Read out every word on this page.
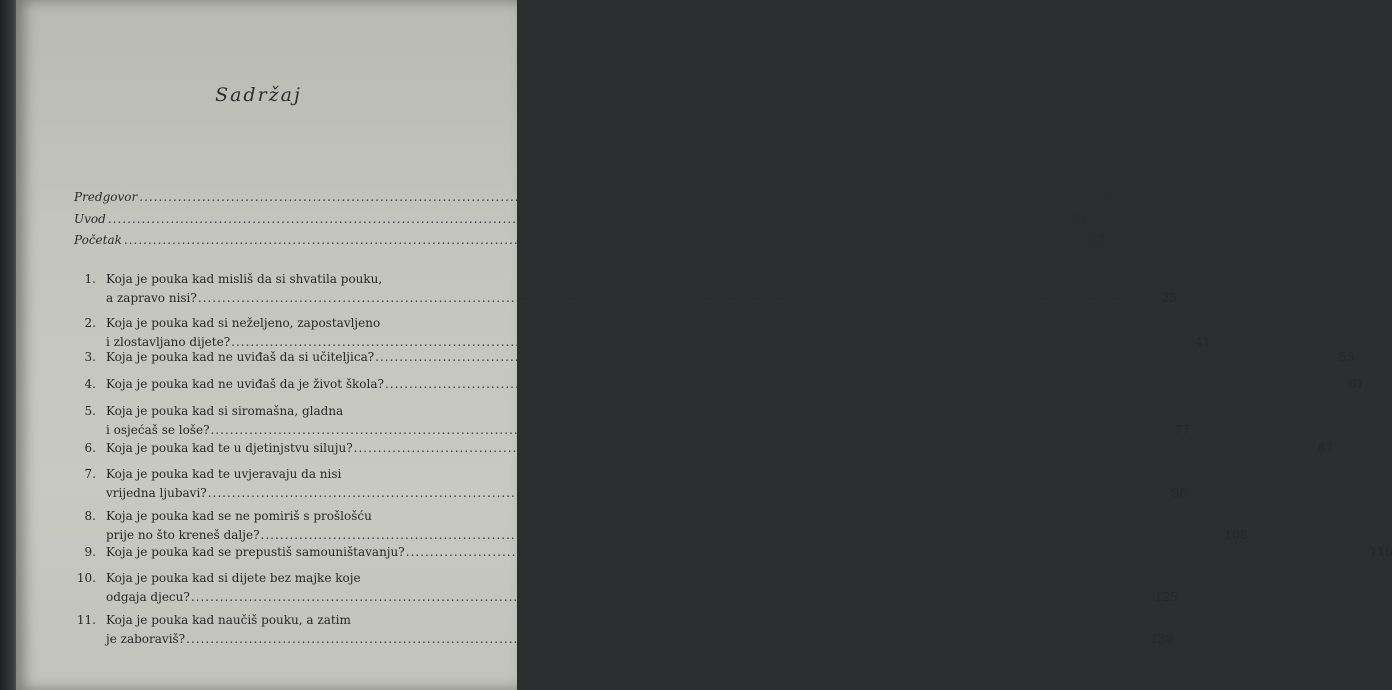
Sadržaj
Predgovor ........................................................................................................................................................................................................ 9
Uvod ........................................................................................................................................................................................................ 11
Početak ........................................................................................................................................................................................................ 17
1. Koja je pouka kad misliš da si shvatila pouku,
a zapravo nisi? ........................................................................................................................................................................................................ 25
2. Koja je pouka kad si neželjeno, zapostavljeno
i zlostavljano dijete? ........................................................................................................................................................................................................ 41
3. Koja je pouka kad ne uviđaš da si učiteljica? ........................................................................................................................................................................................................ 55
4. Koja je pouka kad ne uviđaš da je život škola? ........................................................................................................................................................................................................ 61
5. Koja je pouka kad si siromašna, gladna
i osjećaš se loše? ........................................................................................................................................................................................................ 77
6. Koja je pouka kad te u djetinjstvu siluju? ........................................................................................................................................................................................................ 87
7. Koja je pouka kad te uvjeravaju da nisi
vrijedna ljubavi? ........................................................................................................................................................................................................ 96
8. Koja je pouka kad se ne pomiriš s prošlošću
prije no što kreneš dalje? ........................................................................................................................................................................................................ 108
9. Koja je pouka kad se prepustiš samouništavanju? ........................................................................................................................................................................................................ 116
10. Koja je pouka kad si dijete bez majke koje
odgaja djecu? ........................................................................................................................................................................................................ 125
11. Koja je pouka kad naučiš pouku, a zatim
je zaboraviš? ........................................................................................................................................................................................................ 138
